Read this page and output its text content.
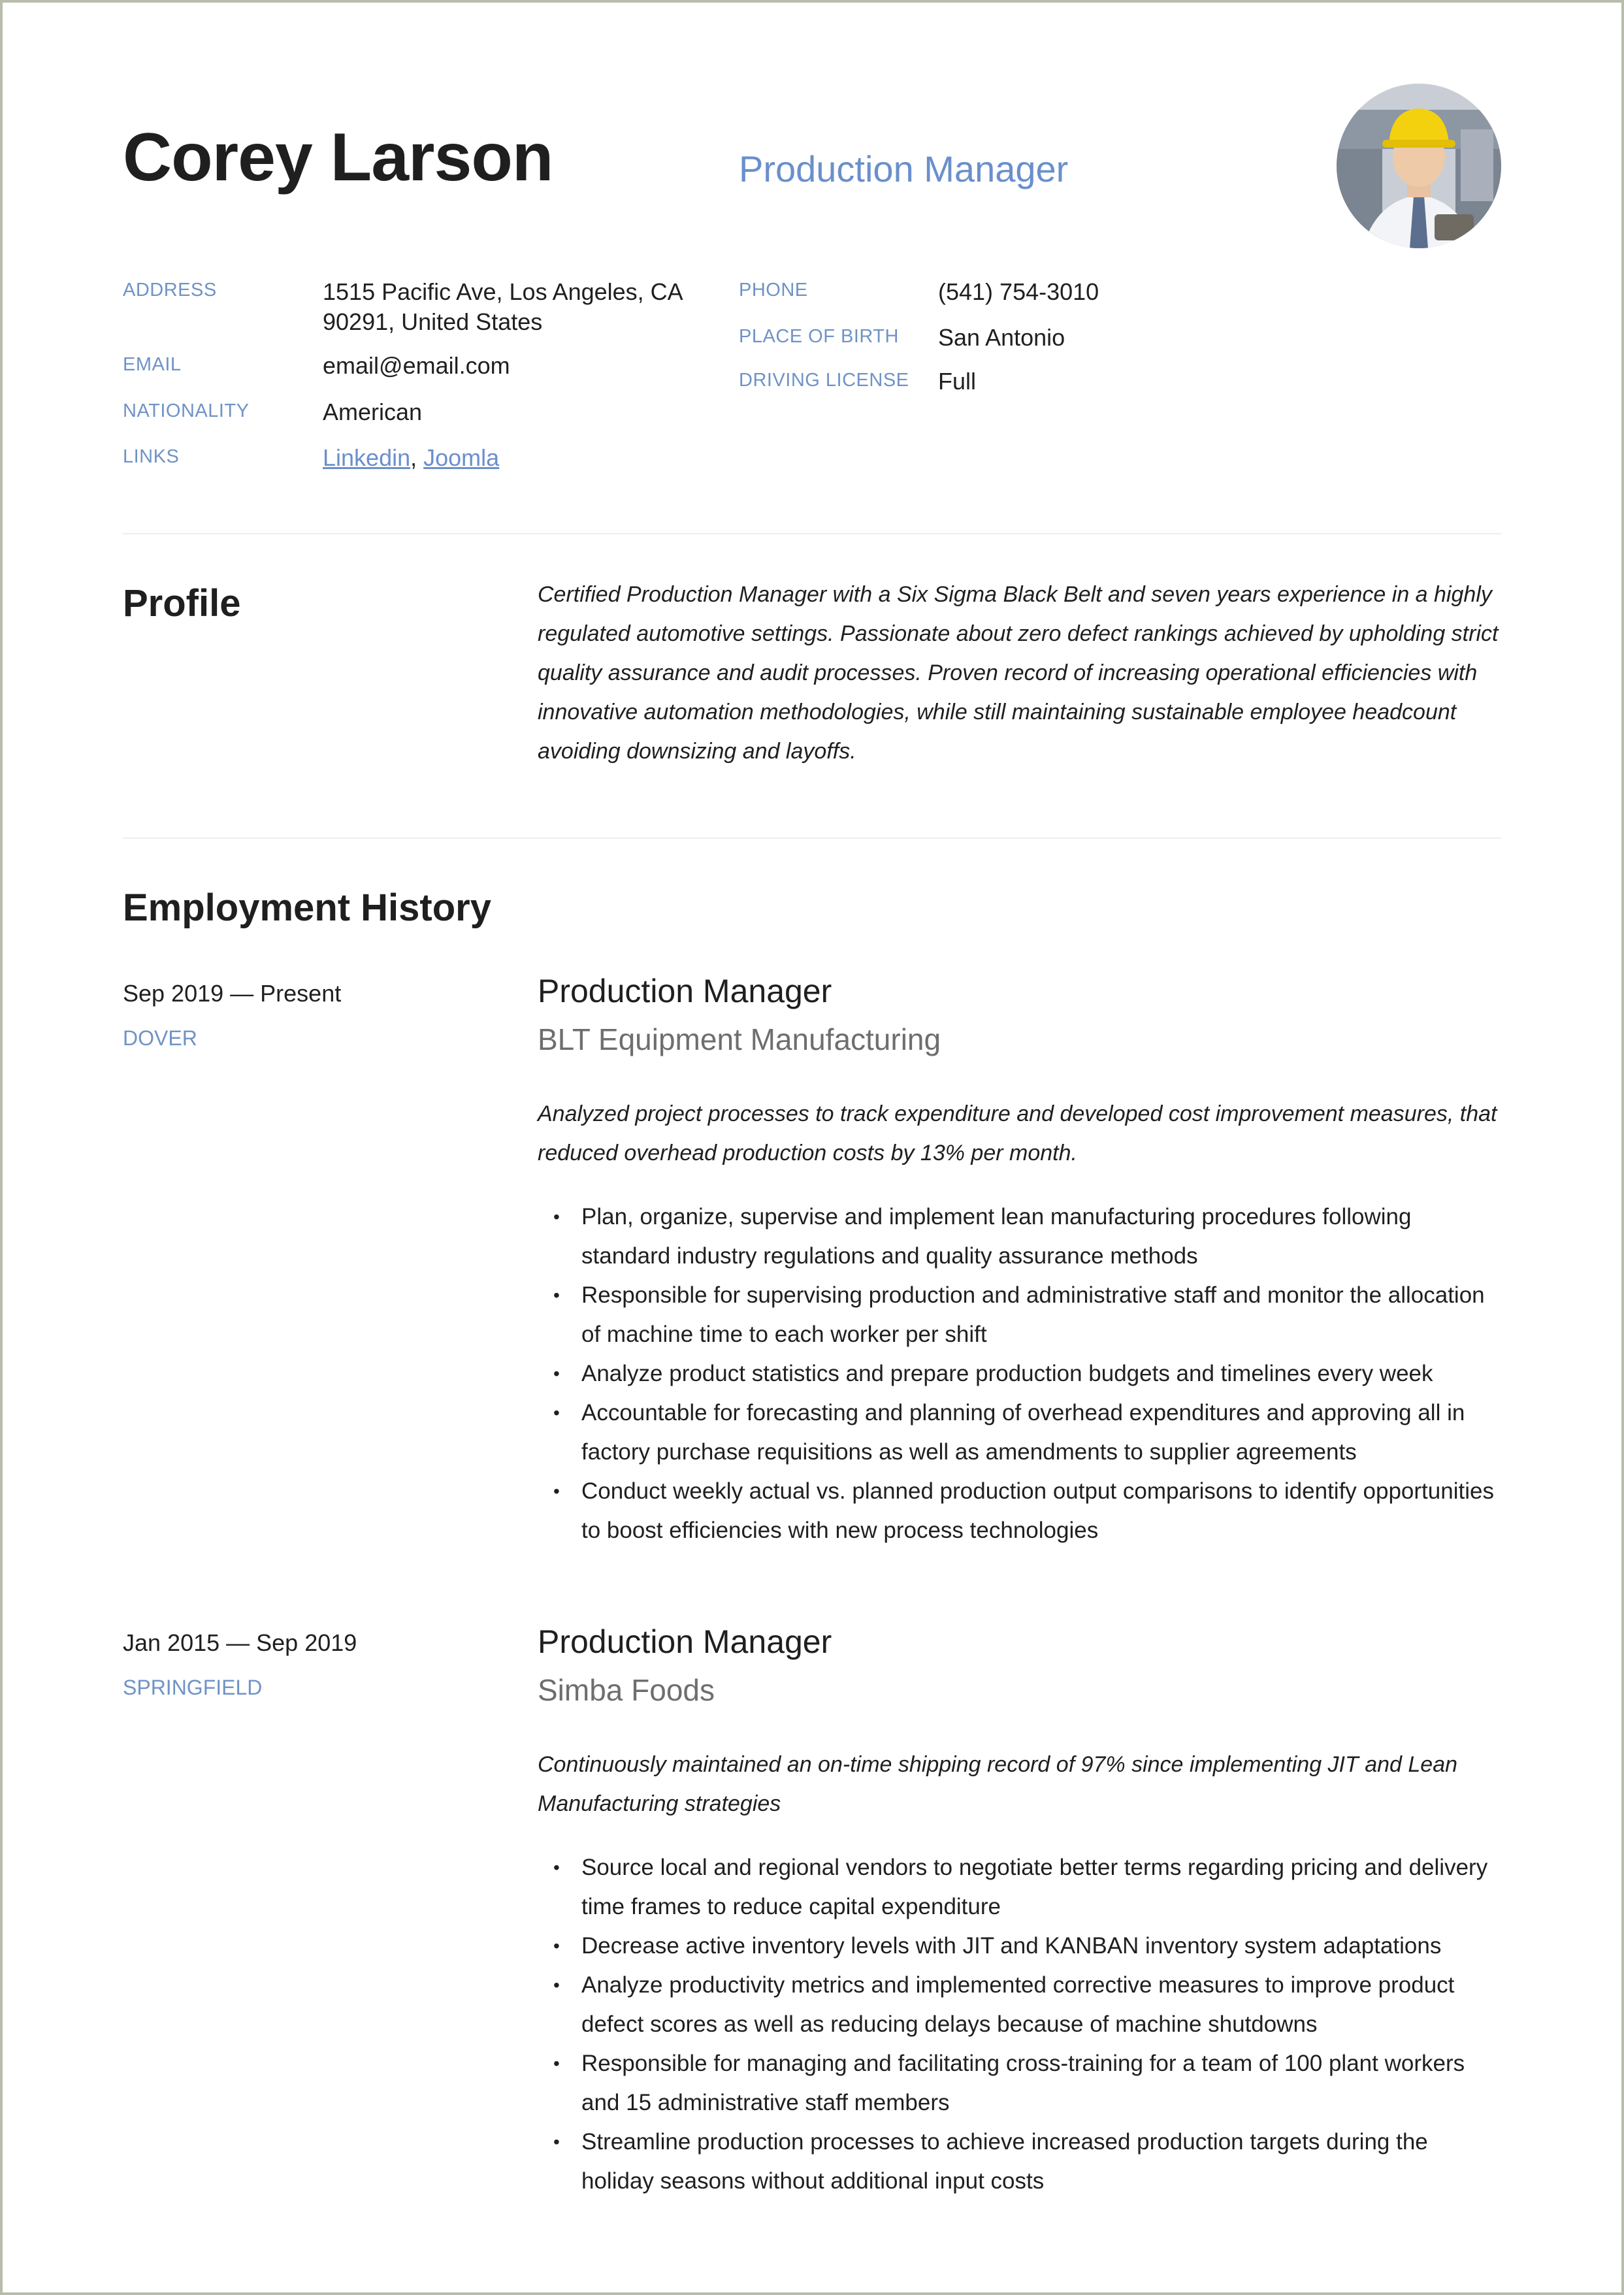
Corey Larson	Production Manager
ADDRESS	1515 Pacific Ave, Los Angeles, CA 90291, United States
EMAIL	email@email.com
NATIONALITY	American
LINKS	Linkedin, Joomla
PHONE	(541) 754-3010
PLACE OF BIRTH San Antonio
DRIVING LICENSE Full
Profile	Certified Production Manager with a Six Sigma Black Belt and seven years experience in a highly regulated automotive settings. Passionate about zero defect rankings achieved by upholding strict quality assurance and audit processes. Proven record of increasing operational efficiencies with innovative automation methodologies, while still maintaining sustainable employee headcount avoiding downsizing and layoffs.
Employment History
Sep 2019 — Present
DOVER
Production Manager
BLT Equipment Manufacturing
Analyzed project processes to track expenditure and developed cost improvement measures, that reduced overhead production costs by 13% per month.
• Plan, organize, supervise and implement lean manufacturing procedures following standard industry regulations and quality assurance methods
• Responsible for supervising production and administrative staff and monitor the allocation of machine time to each worker per shift
• Analyze product statistics and prepare production budgets and timelines every week
• Accountable for forecasting and planning of overhead expenditures and approving all in factory purchase requisitions as well as amendments to supplier agreements
• Conduct weekly actual vs. planned production output comparisons to identify opportunities to boost efficiencies with new process technologies
Jan 2015 — Sep 2019
SPRINGFIELD
Production Manager
Simba Foods
Continuously maintained an on-time shipping record of 97% since implementing JIT and Lean Manufacturing strategies
• Source local and regional vendors to negotiate better terms regarding pricing and delivery time frames to reduce capital expenditure
• Decrease active inventory levels with JIT and KANBAN inventory system adaptations
• Analyze productivity metrics and implemented corrective measures to improve product defect scores as well as reducing delays because of machine shutdowns
• Responsible for managing and facilitating cross-training for a team of 100 plant workers and 15 administrative staff members
• Streamline production processes to achieve increased production targets during the holiday seasons without additional input costs
